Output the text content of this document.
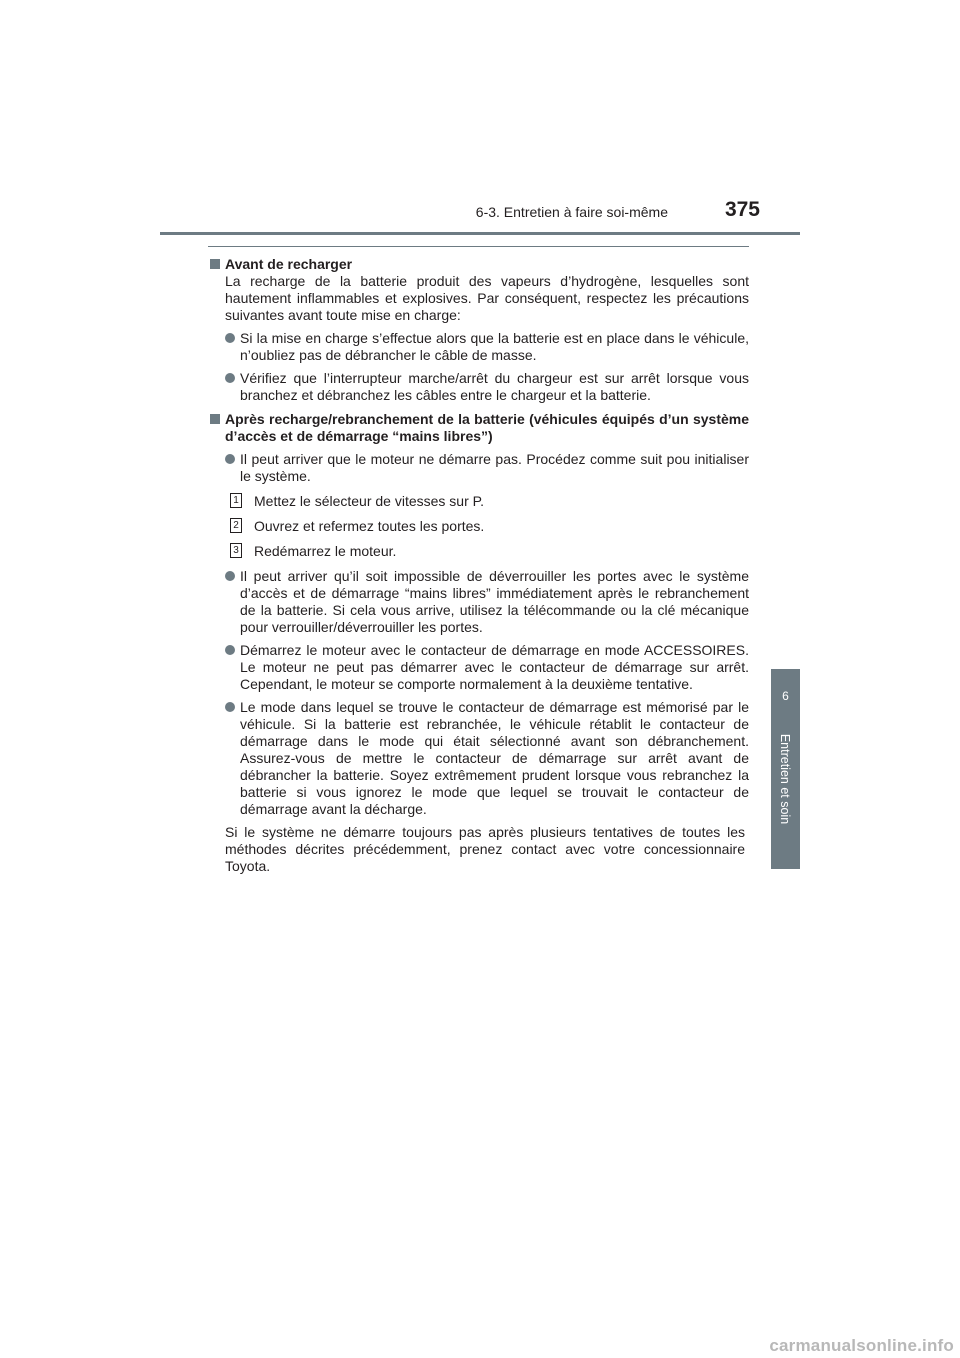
6-3. Entretien à faire soi-même	375
6
Entretien et soin

Avant de recharger

La recharge de la batterie produit des vapeurs d’hydrogène, lesquelles sont hautement inflammables et explosives. Par conséquent, respectez les précautions suivantes avant toute mise en charge:

Si la mise en charge s’effectue alors que la batterie est en place dans le véhicule, n’oubliez pas de débrancher le câble de masse.

Vérifiez que l’interrupteur marche/arrêt du chargeur est sur arrêt lorsque vous branchez et débranchez les câbles entre le chargeur et la batterie.

Après recharge/rebranchement de la batterie (véhicules équipés d’un système d’accès et de démarrage “mains libres”)

Il peut arriver que le moteur ne démarre pas. Procédez comme suit pou initialiser le système.

1 Mettez le sélecteur de vitesses sur P.

2 Ouvrez et refermez toutes les portes.

3 Redémarrez le moteur.

Il peut arriver qu’il soit impossible de déverrouiller les portes avec le système d’accès et de démarrage “mains libres” immédiatement après le rebranchement de la batterie. Si cela vous arrive, utilisez la télécommande ou la clé mécanique pour verrouiller/déverrouiller les portes.

Démarrez le moteur avec le contacteur de démarrage en mode ACCESSOIRES. Le moteur ne peut pas démarrer avec le contacteur de démarrage sur arrêt. Cependant, le moteur se comporte normalement à la deuxième tentative.

Le mode dans lequel se trouve le contacteur de démarrage est mémorisé par le véhicule. Si la batterie est rebranchée, le véhicule rétablit le contacteur de démarrage dans le mode qui était sélectionné avant son débranchement. Assurez-vous de mettre le contacteur de démarrage sur arrêt avant de débrancher la batterie. Soyez extrêmement prudent lorsque vous rebranchez la batterie si vous ignorez le mode que lequel se trouvait le contacteur de démarrage avant la décharge.

Si le système ne démarre toujours pas après plusieurs tentatives de toutes les méthodes décrites précédemment, prenez contact avec votre concessionnaire Toyota.

carmanualsonline.info
